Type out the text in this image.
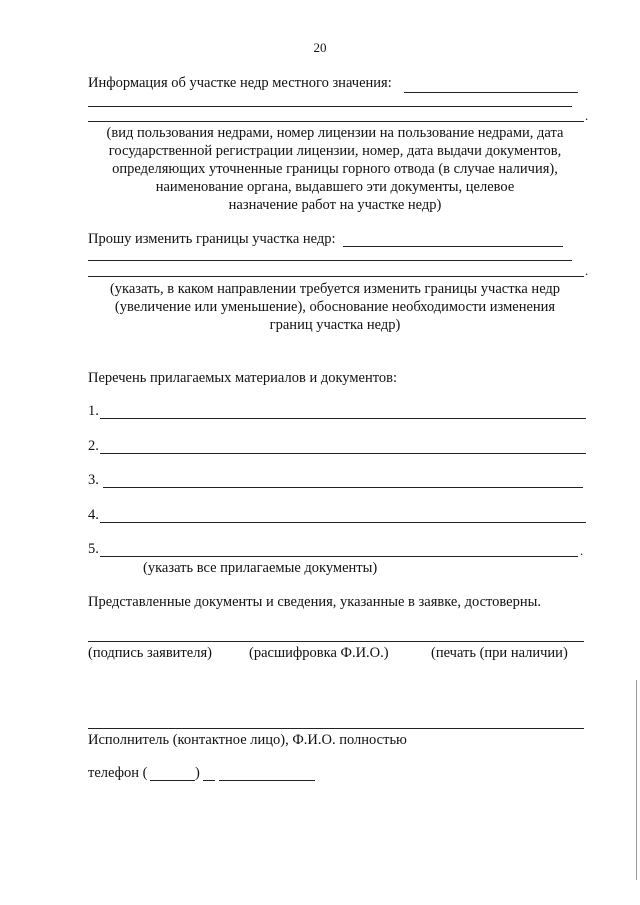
20
Информация об участке недр местного значения:
.
(вид пользования недрами, номер лицензии на пользование недрами, дата
государственной регистрации лицензии, номер, дата выдачи документов,
определяющих уточненные границы горного отвода (в случае наличия),
наименование органа, выдавшего эти документы, целевое
назначение работ на участке недр)
Прошу изменить границы участка недр:
.
(указать, в каком направлении требуется изменить границы участка недр
(увеличение или уменьшение), обоснование необходимости изменения
границ участка недр)
Перечень прилагаемых материалов и документов:
1.
2.
3.
4.
5.	.
(указать все прилагаемые документы)
Представленные документы и сведения, указанные в заявке, достоверны.
(подпись заявителя)	(расшифровка Ф.И.О.)	(печать (при наличии)
Исполнитель (контактное лицо), Ф.И.О. полностью
телефон (	)
